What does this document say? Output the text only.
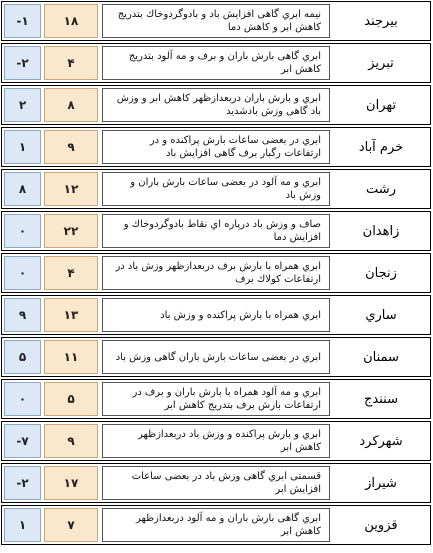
-۱	۱۸	نیمه ابري گاهی افزایش باد و بادوگردوخاك بتدریج کاهش ابر و کاهش دما	بیرجند
-۲	۴	ابري گاهی بارش باران و برف و مه آلود بتدریج کاهش ابر	تبریز
۲	۸	ابري و بارش باران دربعدازظهر کاهش ابر و وزش باد گاهی وزش بادشدید	تهران
۱	۹	ابري در بعضی ساعات بارش پراکنده و در ارتفاعات رگبار برف گاهی افزایش باد	خرم آباد
۸	۱۲	ابري و مه آلود در بعضی ساعات بارش باران و وزش باد	رشت
۰	۲۲	صاف و وزش باد درپاره اي نقاط بادوگردوخاك و افزایش دما	زاهدان
۰	۴	ابري همراه با بارش برف دربعدازظهر وزش باد در ارتفاعات کولاك برف	زنجان
۹	۱۳	ابري همراه با بارش پراکنده و وزش باد	ساري
۵	۱۱	ابري در بعضی ساعات بارش باران گاهی وزش باد	سمنان
۰	۵	ابري و مه آلود همراه با بارش باران و برف در ارتفاعات بارش برف بتدریج کاهش ابر	سنندج
-۷	۹	ابري و بارش پراکنده و وزش باد دربعدازظهر کاهش ابر	شهرکرد
-۲	۱۷	قسمتی ابري گاهی وزش باد در بعضی ساعات افزایش ابر	شیراز
۱	۷	ابري گاهی بارش باران و مه آلود دربعدازظهر کاهش ابر	قزوین
